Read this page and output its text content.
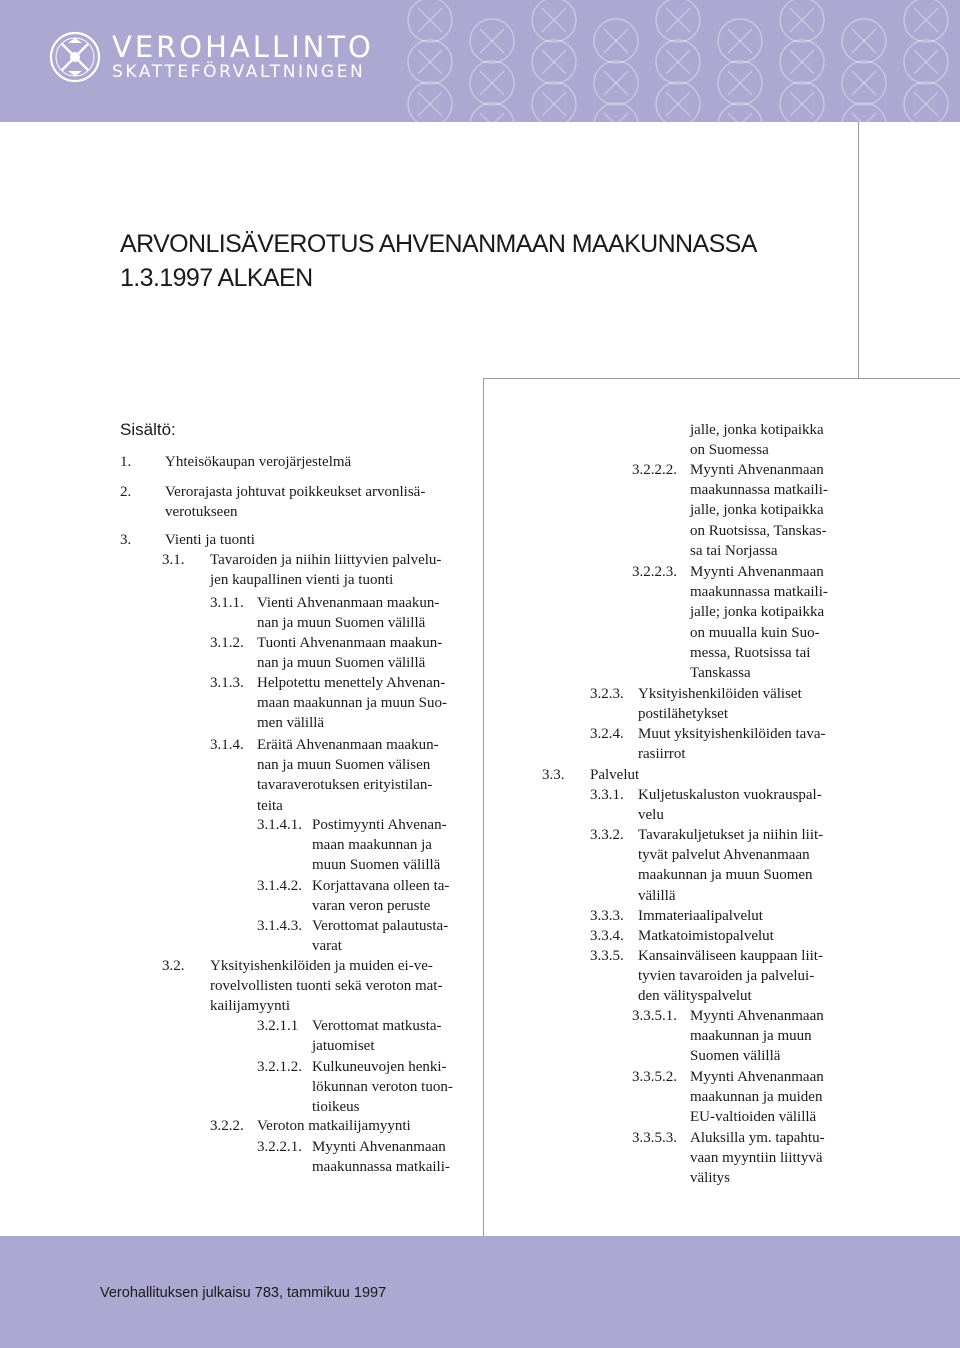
VEROHALLINTO
SKATTEFÖRVALTNINGEN
ARVONLISÄVEROTUS AHVENANMAAN MAAKUNNASSA
1.3.1997 ALKAEN
Sisältö:
1. Yhteisökaupan verojärjestelmä
2. Verorajasta johtuvat poikkeukset arvonlisä-
verotukseen
3. Vienti ja tuonti
3.1. Tavaroiden ja niihin liittyvien palvelu-
jen kaupallinen vienti ja tuonti
3.1.1. Vienti Ahvenanmaan maakun-
nan ja muun Suomen välillä
3.1.2. Tuonti Ahvenanmaan maakun-
nan ja muun Suomen välillä
3.1.3. Helpotettu menettely Ahvenan-
maan maakunnan ja muun Suo-
men välillä
3.1.4. Eräitä Ahvenanmaan maakun-
nan ja muun Suomen välisen
tavaraverotuksen erityistilan-
teita
3.1.4.1. Postimyynti Ahvenan-
maan maakunnan ja
muun Suomen välillä
3.1.4.2. Korjattavana olleen ta-
varan veron peruste
3.1.4.3. Verottomat palautusta-
varat
3.2. Yksityishenkilöiden ja muiden ei-ve-
rovelvollisten tuonti sekä veroton mat-
kailijamyynti
3.2.1.1 Verottomat matkusta-
jatuomiset
3.2.1.2. Kulkuneuvojen henki-
lökunnan veroton tuon-
tioikeus
3.2.2. Veroton matkailijamyynti
3.2.2.1. Myynti Ahvenanmaan
maakunnassa matkaili-
jalle, jonka kotipaikka
on Suomessa
3.2.2.2. Myynti Ahvenanmaan
maakunnassa matkaili-
jalle, jonka kotipaikka
on Ruotsissa, Tanskas-
sa tai Norjassa
3.2.2.3. Myynti Ahvenanmaan
maakunnassa matkaili-
jalle; jonka kotipaikka
on muualla kuin Suo-
messa, Ruotsissa tai
Tanskassa
3.2.3. Yksityishenkilöiden väliset
postilähetykset
3.2.4. Muut yksityishenkilöiden tava-
rasiirrot
3.3. Palvelut
3.3.1. Kuljetuskaluston vuokrauspal-
velu
3.3.2. Tavarakuljetukset ja niihin liit-
tyvät palvelut Ahvenanmaan
maakunnan ja muun Suomen
välillä
3.3.3. Immateriaalipalvelut
3.3.4. Matkatoimistopalvelut
3.3.5. Kansainväliseen kauppaan liit-
tyvien tavaroiden ja palvelui-
den välityspalvelut
3.3.5.1. Myynti Ahvenanmaan
maakunnan ja muun
Suomen välillä
3.3.5.2. Myynti Ahvenanmaan
maakunnan ja muiden
EU-valtioiden välillä
3.3.5.3. Aluksilla ym. tapahtu-
vaan myyntiin liittyvä
välitys
Verohallituksen julkaisu 783, tammikuu 1997
